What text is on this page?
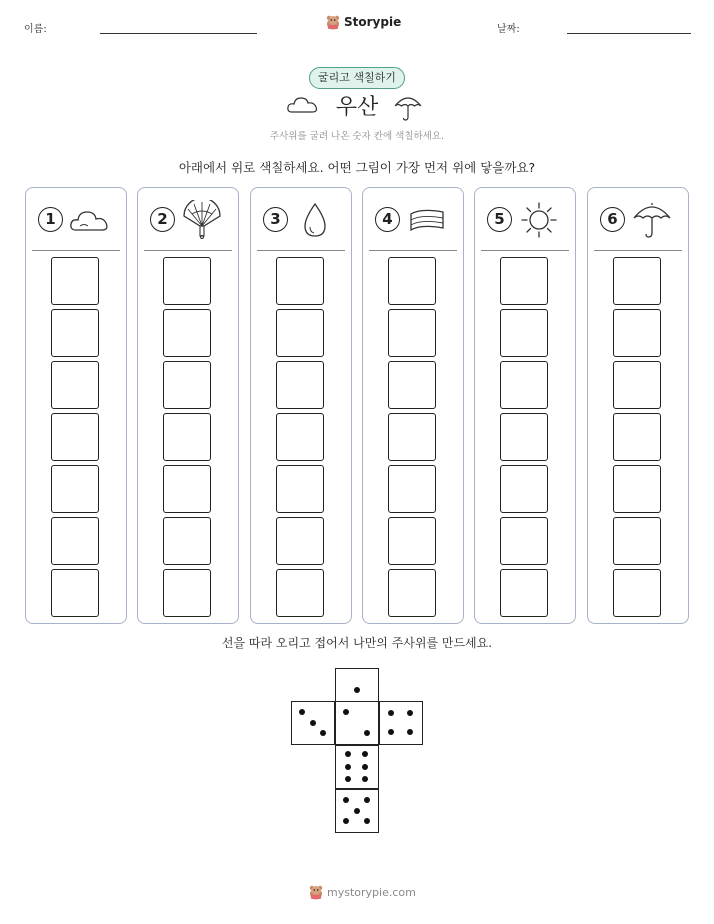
이름:
Storypie
날짜:
굴리고 색칠하기
우산
주사위를 굴려 나온 숫자 칸에 색칠하세요.
아래에서 위로 색칠하세요. 어떤 그림이 가장 먼저 위에 닿을까요?
1	2	3	4	5	6
선을 따라 오리고 접어서 나만의 주사위를 만드세요.
mystorypie.com
